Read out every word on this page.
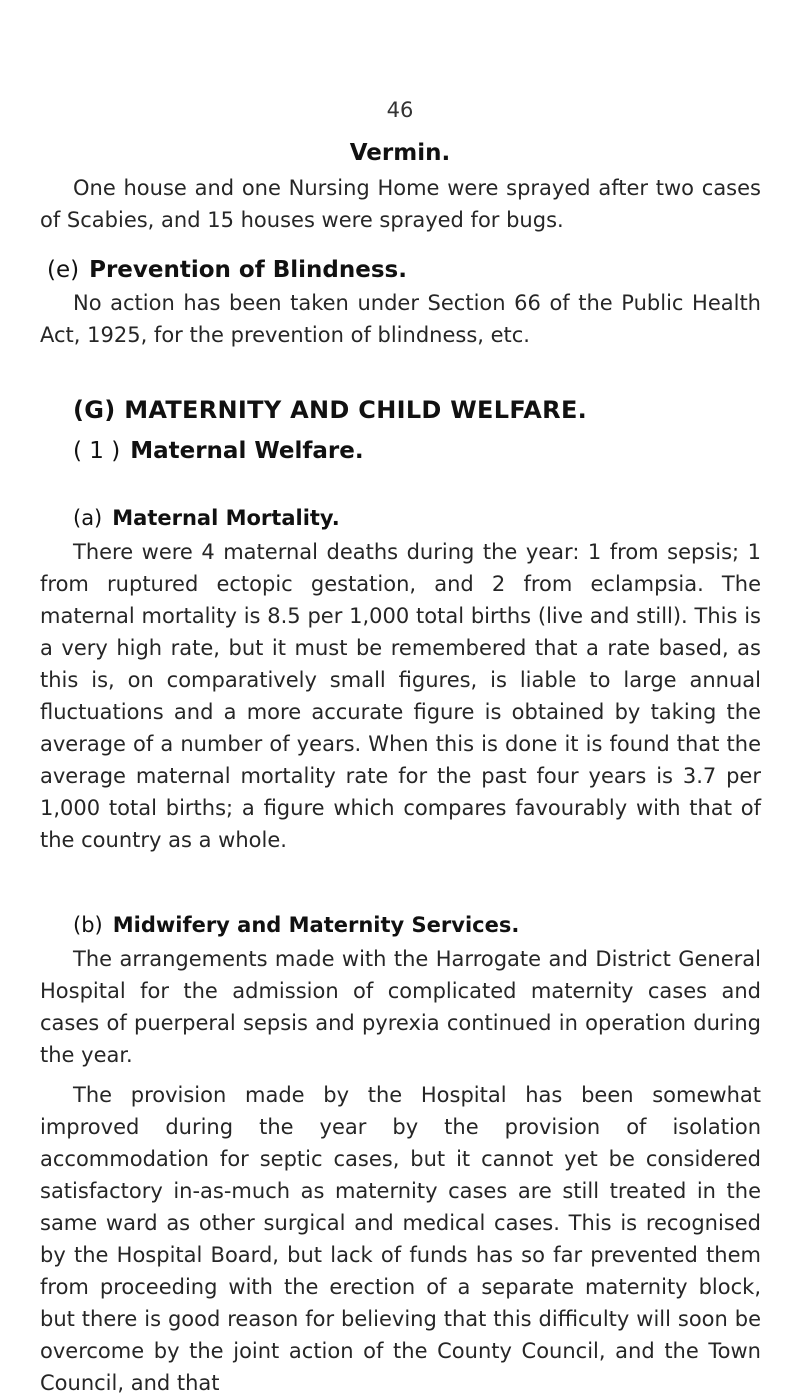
46
Vermin.

One house and one Nursing Home were sprayed after two cases of Scabies, and 15 houses were sprayed for bugs.

(e) Prevention of Blindness.

No action has been taken under Section 66 of the Public Health Act, 1925, for the prevention of blindness, etc.

(G) MATERNITY AND CHILD WELFARE.
( 1 ) Maternal Welfare.
(a) Maternal Mortality.

There were 4 maternal deaths during the year: 1 from sepsis; 1 from ruptured ectopic gestation, and 2 from eclampsia. The maternal mortality is 8.5 per 1,000 total births (live and still). This is a very high rate, but it must be remembered that a rate based, as this is, on comparatively small figures, is liable to large annual fluctuations and a more accurate figure is obtained by taking the average of a number of years. When this is done it is found that the average maternal mortality rate for the past four years is 3.7 per 1,000 total births; a figure which compares favourably with that of the country as a whole.

(b) Midwifery and Maternity Services.

The arrangements made with the Harrogate and District General Hospital for the admission of complicated maternity cases and cases of puerperal sepsis and pyrexia continued in operation during the year.

The provision made by the Hospital has been somewhat improved during the year by the provision of isolation accommodation for septic cases, but it cannot yet be considered satisfactory in-as-much as maternity cases are still treated in the same ward as other surgical and medical cases. This is recognised by the Hospital Board, but lack of funds has so far prevented them from proceeding with the erection of a separate maternity block, but there is good reason for believing that this difficulty will soon be overcome by the joint action of the County Council, and the Town Council, and that
